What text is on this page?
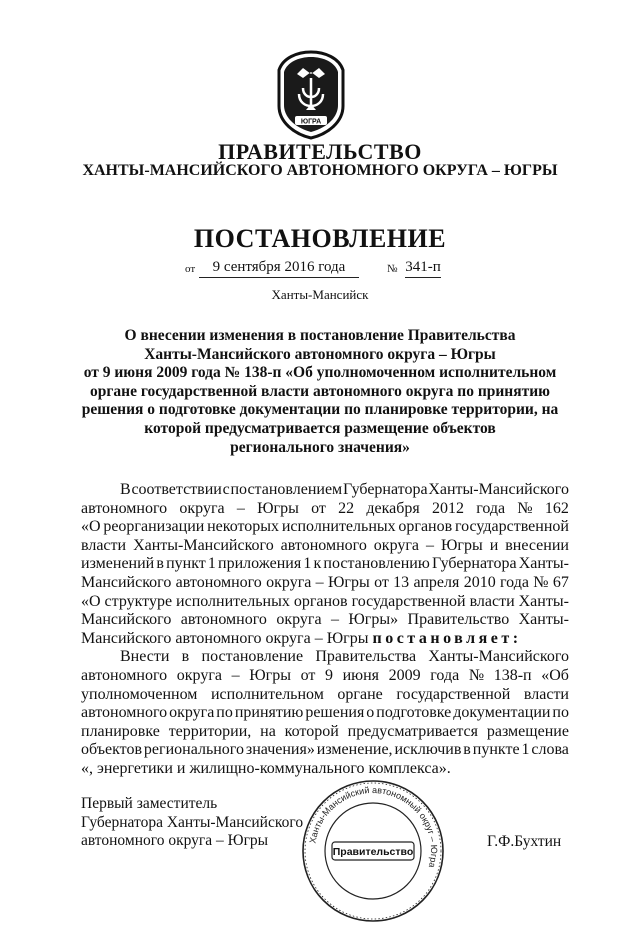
ЮГРА
ПРАВИТЕЛЬСТВО
ХАНТЫ-МАНСИЙСКОГО АВТОНОМНОГО ОКРУГА – ЮГРЫ
ПОСТАНОВЛЕНИЕ
от	9 сентября 2016 года	№ 341-п
Ханты-Мансийск
О внесении изменения в постановление Правительства
Ханты-Мансийского автономного округа – Югры
от 9 июня 2009 года № 138-п «Об уполномоченном исполнительном
органе государственной власти автономного округа по принятию
решения о подготовке документации по планировке территории, на
которой предусматривается размещение объектов
регионального значения»
В соответствии с постановлением Губернатора Ханты-Мансийского
автономного округа – Югры от 22 декабря 2012 года № 162
«О реорганизации некоторых исполнительных органов государственной
власти Ханты-Мансийского автономного округа – Югры и внесении
изменений в пункт 1 приложения 1 к постановлению Губернатора Ханты-
Мансийского автономного округа – Югры от 13 апреля 2010 года № 67
«О структуре исполнительных органов государственной власти Ханты-
Мансийского автономного округа – Югры» Правительство Ханты-
Мансийского автономного округа – Югры
постановляет :
Внести в постановление Правительства Ханты-Мансийского
автономного округа – Югры от 9 июня 2009 года № 138-п «Об
уполномоченном исполнительном органе государственной власти
автономного округа по принятию решения о подготовке документации по
планировке территории, на которой предусматривается размещение
объектов регионального значения» изменение, исключив в пункте 1 слова
«, энергетики и жилищно-коммунального комплекса».
Первый заместитель
Губернатора Ханты-Мансийского
автономного округа – Югры	Ханты-Мансийский автономный округ – Югра
Правительство
Г.Ф.Бухтин
